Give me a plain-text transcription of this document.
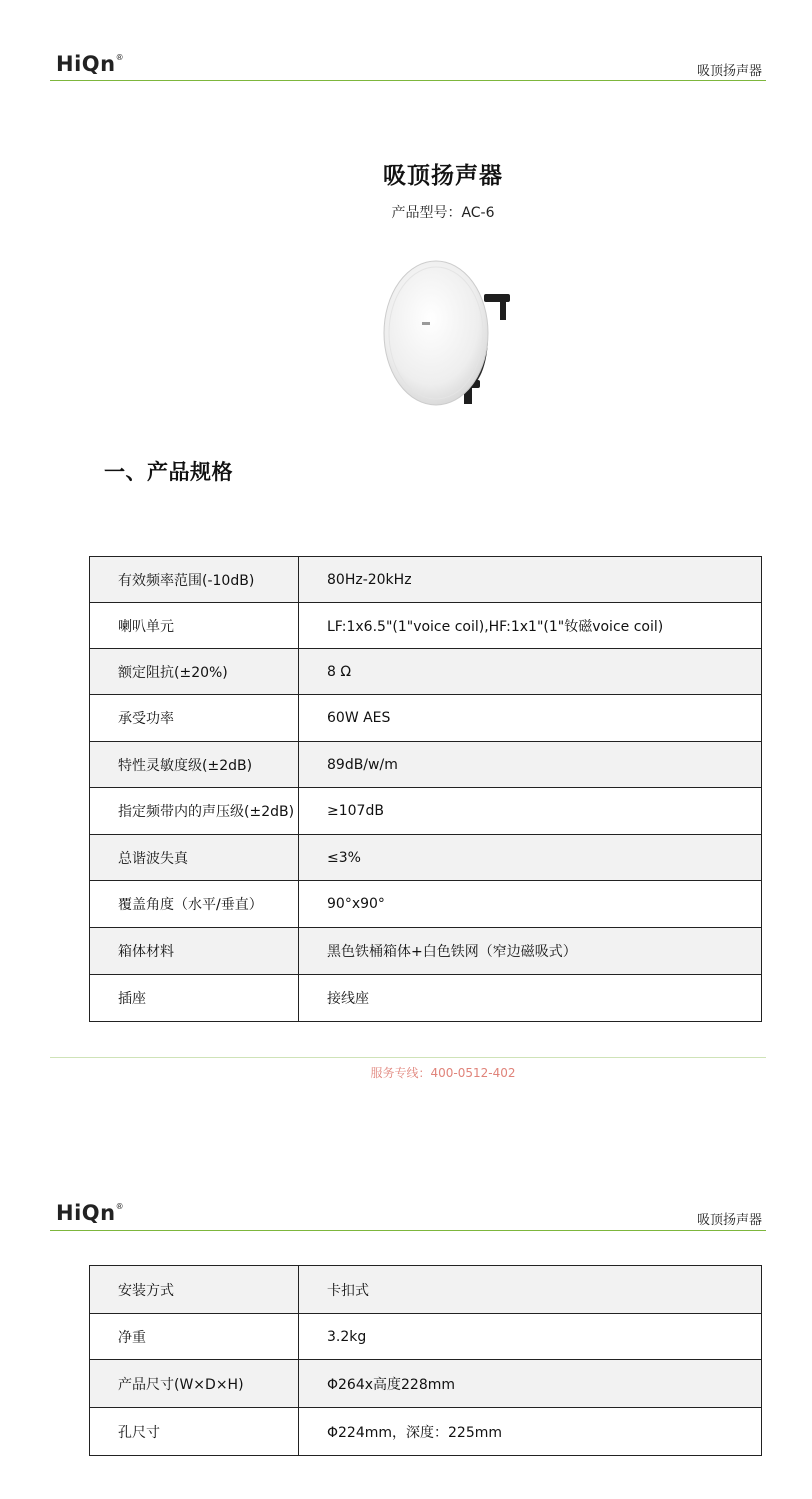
HiQn®
吸顶扬声器
吸顶扬声器
产品型号：AC-6
一、产品规格
有效频率范围(-10dB)	80Hz-20kHz
喇叭单元	LF:1x6.5"(1"voice coil),HF:1x1"(1"钕磁voice coil)
额定阻抗(±20%)	8 Ω
承受功率	60W AES
特性灵敏度级(±2dB)	89dB/w/m
指定频带内的声压级(±2dB)	≥107dB
总谐波失真	≤3%
覆盖角度（水平/垂直）	90°x90°
箱体材料	黑色铁桶箱体+白色铁网（窄边磁吸式）
插座	接线座
服务专线：400-0512-402
HiQn®
吸顶扬声器
安装方式	卡扣式
净重	3.2kg
产品尺寸(W×D×H)	Φ264x高度228mm
孔尺寸	Φ224mm，深度：225mm
